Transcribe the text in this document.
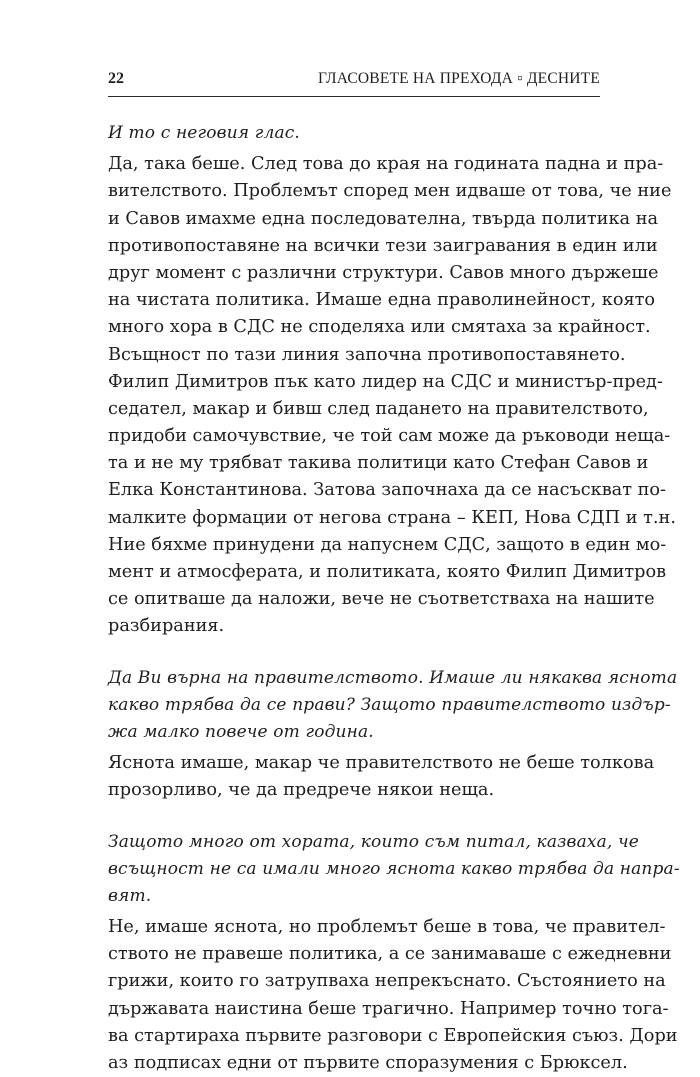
22	ГЛАСОВЕТЕ НА ПРЕХОДА ▫ ДЕСНИТЕ
И то с неговия глас.
Да, така беше. След това до края на годината падна и пра-
вителството. Проблемът според мен идваше от това, че ние
и Савов имахме една последователна, твърда политика на
противопоставяне на всички тези заигравания в един или
друг момент с различни структури. Савов много държеше
на чистата политика. Имаше една праволинейност, която
много хора в СДС не споделяха или смятаха за крайност.
Всъщност по тази линия започна противопоставянето.
Филип Димитров пък като лидер на СДС и министър-пред-
седател, макар и бивш след падането на правителството,
придоби самочувствие, че той сам може да ръководи неща-
та и не му трябват такива политици като Стефан Савов и
Елка Константинова. Затова започнаха да се насъскват по-
малките формации от негова страна – КЕП, Нова СДП и т.н.
Ние бяхме принудени да напуснем СДС, защото в един мо-
мент и атмосферата, и политиката, която Филип Димитров
се опитваше да наложи, вече не съответстваха на нашите
разбирания.
Да Ви върна на правителството. Имаше ли някаква яснота
какво трябва да се прави? Защото правителството издър-
жа малко повече от година.
Яснота имаше, макар че правителството не беше толкова
прозорливо, че да предрече някои неща.
Защото много от хората, които съм питал, казваха, че
всъщност не са имали много яснота какво трябва да напра-
вят.
Не, имаше яснота, но проблемът беше в това, че правител-
ството не правеше политика, а се занимаваше с ежедневни
грижи, които го затрупваха непрекъснато. Състоянието на
държавата наистина беше трагично. Например точно тога-
ва стартираха първите разговори с Европейския съюз. Дори
аз подписах едни от първите споразумения с Брюксел.
